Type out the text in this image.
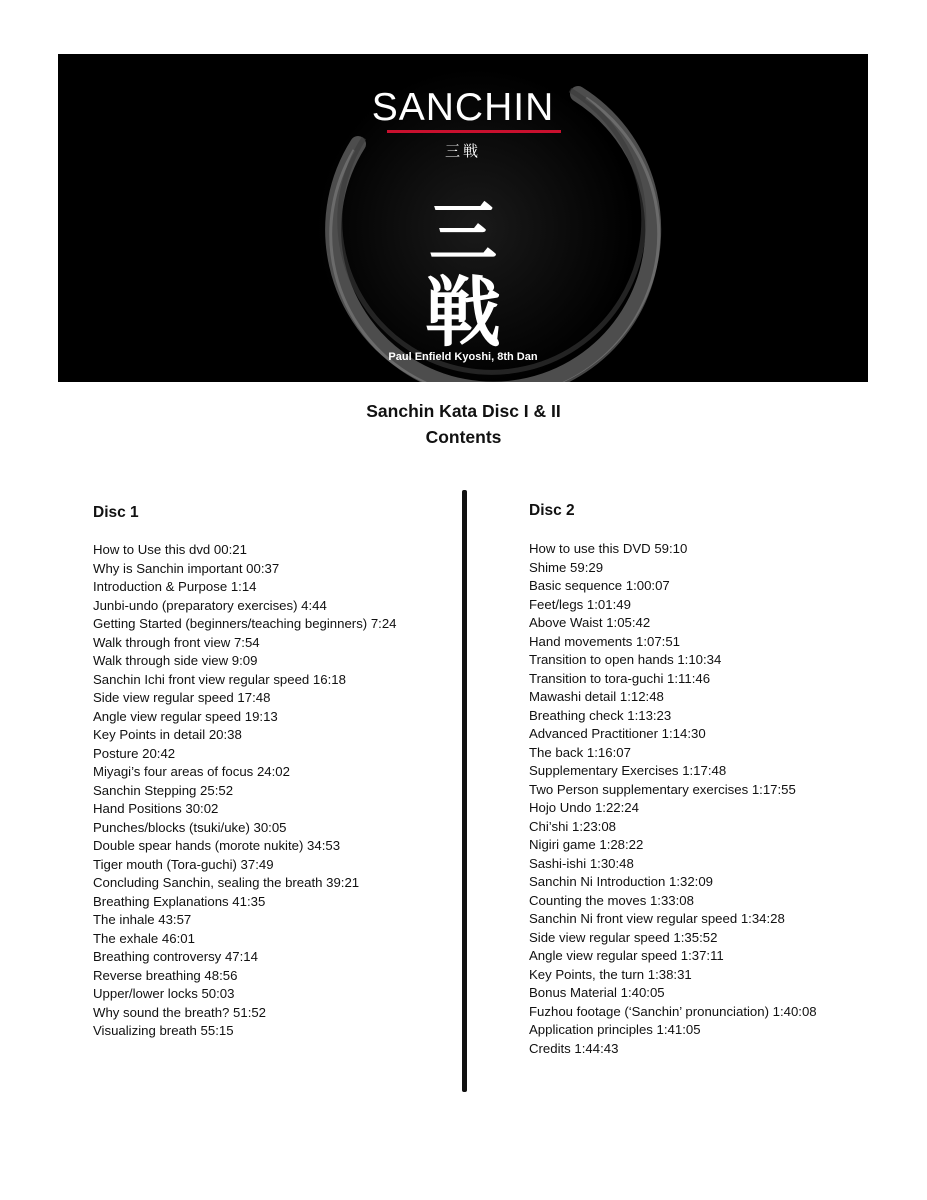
SANCHIN
三戦
三
戦
Paul Enfield Kyoshi, 8th Dan
Sanchin Kata Disc I & II
Contents
Disc 1
How to Use this dvd 00:21
Why is Sanchin important 00:37
Introduction & Purpose 1:14
Junbi-undo (preparatory exercises) 4:44
Getting Started (beginners/teaching beginners) 7:24
Walk through front view 7:54
Walk through side view 9:09
Sanchin Ichi front view regular speed 16:18
Side view regular speed 17:48
Angle view regular speed 19:13
Key Points in detail 20:38
Posture 20:42
Miyagi’s four areas of focus 24:02
Sanchin Stepping 25:52
Hand Positions 30:02
Punches/blocks (tsuki/uke) 30:05
Double spear hands (morote nukite) 34:53
Tiger mouth (Tora-guchi) 37:49
Concluding Sanchin, sealing the breath 39:21
Breathing Explanations 41:35
The inhale 43:57
The exhale 46:01
Breathing controversy 47:14
Reverse breathing 48:56
Upper/lower locks 50:03
Why sound the breath? 51:52
Visualizing breath 55:15
Disc 2
How to use this DVD 59:10
Shime 59:29
Basic sequence 1:00:07
Feet/legs 1:01:49
Above Waist 1:05:42
Hand movements 1:07:51
Transition to open hands 1:10:34
Transition to tora-guchi 1:11:46
Mawashi detail 1:12:48
Breathing check 1:13:23
Advanced Practitioner 1:14:30
The back 1:16:07
Supplementary Exercises 1:17:48
Two Person supplementary exercises 1:17:55
Hojo Undo 1:22:24
Chi’shi 1:23:08
Nigiri game 1:28:22
Sashi-ishi 1:30:48
Sanchin Ni Introduction 1:32:09
Counting the moves 1:33:08
Sanchin Ni front view regular speed 1:34:28
Side view regular speed 1:35:52
Angle view regular speed 1:37:11
Key Points, the turn 1:38:31
Bonus Material 1:40:05
Fuzhou footage (‘Sanchin’ pronunciation) 1:40:08
Application principles 1:41:05
Credits 1:44:43
